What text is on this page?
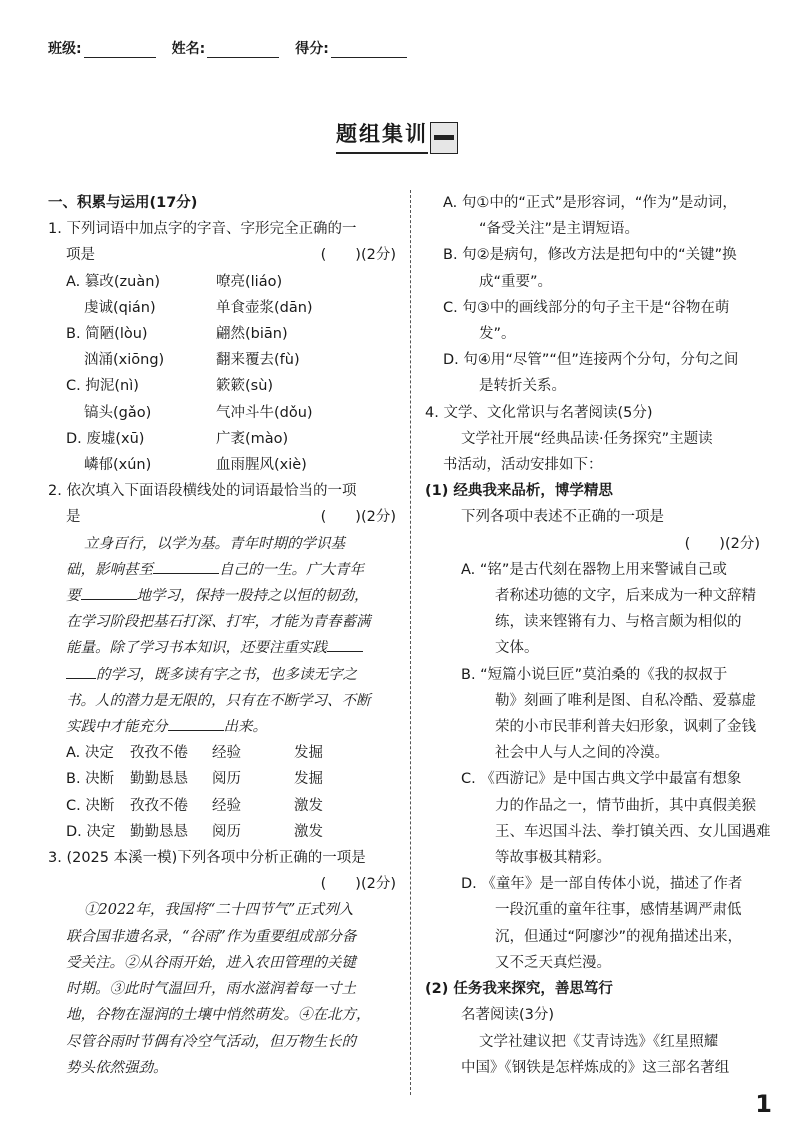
班级:	姓名:	得分:
题组集训
一、积累与运用(17分)
1. 下列词语中加点字的字音、字形完全正确的一
项是	(　　)(2分)
A. 篡改(zuàn)	嘹亮(liáo)
虔诚(qián)	单食壶浆(dān)
B. 简陋(lòu)	翩然(biān)
汹涌(xiōng)	翻来覆去(fù)
C. 拘泥(nì)	簌簌(sù)
镐头(gǎo)	气冲斗牛(dǒu)
D. 废墟(xū)	广袤(mào)
嶙郁(xún)	血雨腥风(xiè)
2. 依次填入下面语段横线处的词语最恰当的一项
是	(　　)(2分)
立身百行，以学为基。青年时期的学识基
础，影响甚至	自己的一生。广大青年
要	地学习，保持一股持之以恒的韧劲，
在学习阶段把基石打深、打牢，才能为青春蓄满
能量。除了学习书本知识，还要注重实践
的学习，既多读有字之书，也多读无字之
书。人的潜力是无限的，只有在不断学习、不断
实践中才能充分	出来。
A. 决定	孜孜不倦	经验	发掘
B. 决断	勤勤恳恳	阅历	发掘
C. 决断	孜孜不倦	经验	激发
D. 决定	勤勤恳恳	阅历	激发
3. (2025 本溪一模)下列各项中分析正确的一项是
(　　)(2分)
①2022年，我国将“二十四节气”正式列入
联合国非遗名录，“谷雨”作为重要组成部分备
受关注。②从谷雨开始，进入农田管理的关键
时期。③此时气温回升，雨水滋润着每一寸土
地，谷物在湿润的土壤中悄然萌发。④在北方，
尽管谷雨时节偶有冷空气活动，但万物生长的
势头依然强劲。
A. 句①中的“正式”是形容词，“作为”是动词，
“备受关注”是主谓短语。
B. 句②是病句，修改方法是把句中的“关键”换
成“重要”。
C. 句③中的画线部分的句子主干是“谷物在萌
发”。
D. 句④用“尽管”“但”连接两个分句，分句之间
是转折关系。
4. 文学、文化常识与名著阅读(5分)
文学社开展“经典品读·任务探究”主题读
书活动，活动安排如下：
(1) 经典我来品析，博学精思
下列各项中表述不正确的一项是
(　　)(2分)
A. “铭”是古代刻在器物上用来警诫自己或
者称述功德的文字，后来成为一种文辞精
练，读来铿锵有力、与格言颇为相似的
文体。
B. “短篇小说巨匠”莫泊桑的《我的叔叔于
勒》刻画了唯利是图、自私冷酷、爱慕虚
荣的小市民菲利普夫妇形象，讽刺了金钱
社会中人与人之间的冷漠。
C. 《西游记》是中国古典文学中最富有想象
力的作品之一，情节曲折，其中真假美猴
王、车迟国斗法、拳打镇关西、女儿国遇难
等故事极其精彩。
D. 《童年》是一部自传体小说，描述了作者
一段沉重的童年往事，感情基调严肃低
沉，但通过“阿廖沙”的视角描述出来，
又不乏天真烂漫。
(2) 任务我来探究，善思笃行
名著阅读(3分)
文学社建议把《艾青诗选》《红星照耀
中国》《钢铁是怎样炼成的》这三部名著组
1
